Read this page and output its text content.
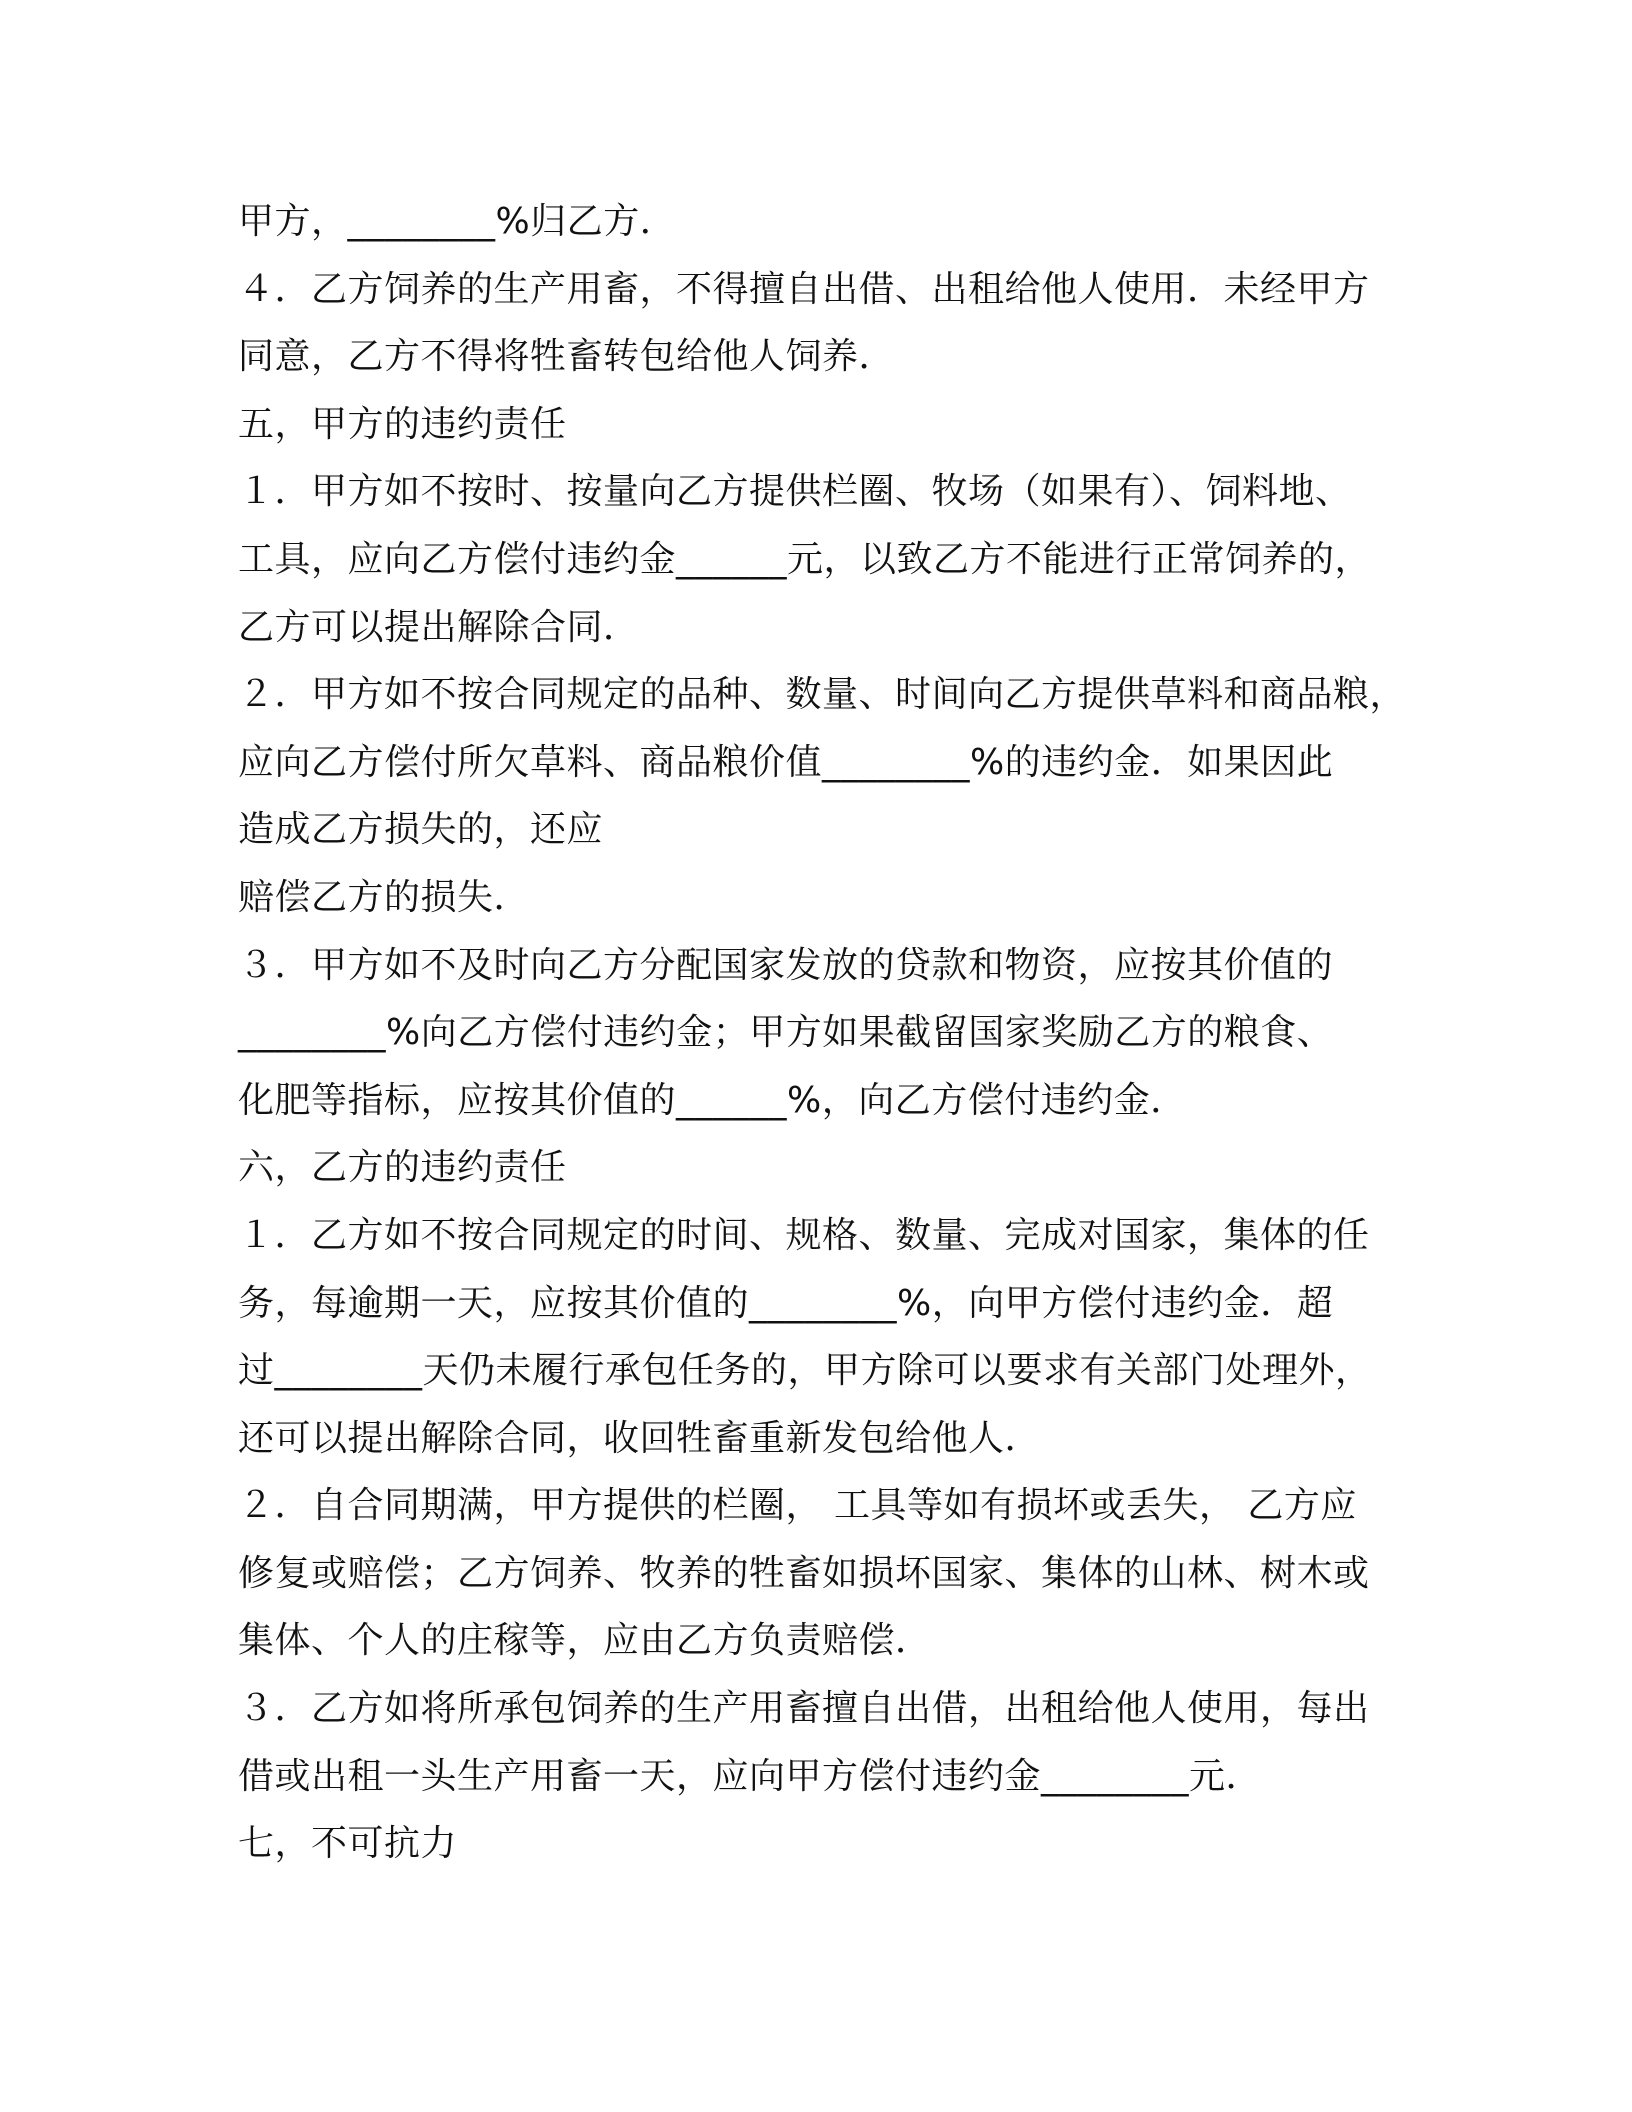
甲方，________%归乙方．
４．乙方饲养的生产用畜，不得擅自出借、出租给他人使用．未经甲方
同意，乙方不得将牲畜转包给他人饲养．
五，甲方的违约责任
１．甲方如不按时、按量向乙方提供栏圈、牧场（如果有）、饲料地、
工具，应向乙方偿付违约金______元，以致乙方不能进行正常饲养的，
乙方可以提出解除合同．
２．甲方如不按合同规定的品种、数量、时间向乙方提供草料和商品粮，
应向乙方偿付所欠草料、商品粮价值________%的违约金．如果因此
造成乙方损失的，还应
赔偿乙方的损失．
３．甲方如不及时向乙方分配国家发放的贷款和物资，应按其价值的
________%向乙方偿付违约金；甲方如果截留国家奖励乙方的粮食、
化肥等指标，应按其价值的______%，向乙方偿付违约金．
六，乙方的违约责任
１．乙方如不按合同规定的时间、规格、数量、完成对国家，集体的任
务，每逾期一天，应按其价值的________%，向甲方偿付违约金．超
过________天仍未履行承包任务的，甲方除可以要求有关部门处理外，
还可以提出解除合同，收回牲畜重新发包给他人．
２．自合同期满，甲方提供的栏圈， 工具等如有损坏或丢失， 乙方应
修复或赔偿；乙方饲养、牧养的牲畜如损坏国家、集体的山林、树木或
集体、个人的庄稼等，应由乙方负责赔偿．
３．乙方如将所承包饲养的生产用畜擅自出借，出租给他人使用，每出
借或出租一头生产用畜一天，应向甲方偿付违约金________元．
七，不可抗力
